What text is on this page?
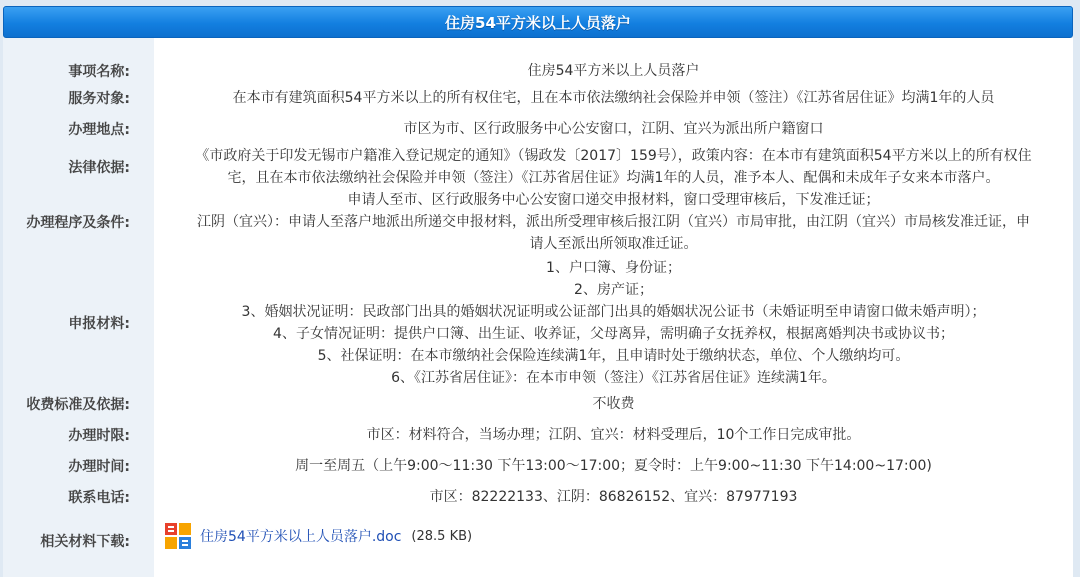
住房54平方米以上人员落户
事项名称:	住房54平方米以上人员落户
服务对象:	在本市有建筑面积54平方米以上的所有权住宅，且在本市依法缴纳社会保险并申领（签注）《江苏省居住证》均满1年的人员
办理地点:	市区为市、区行政服务中心公安窗口，江阴、宜兴为派出所户籍窗口
法律依据:
《市政府关于印发无锡市户籍准入登记规定的通知》（锡政发〔2017〕159号），政策内容：在本市有建筑面积54平方米以上的所有权住
宅，且在本市依法缴纳社会保险并申领（签注）《江苏省居住证》均满1年的人员，准予本人、配偶和未成年子女来本市落户。
办理程序及条件:
申请人至市、区行政服务中心公安窗口递交申报材料，窗口受理审核后，下发准迁证；
江阴（宜兴）：申请人至落户地派出所递交申报材料，派出所受理审核后报江阴（宜兴）市局审批，由江阴（宜兴）市局核发准迁证，申
请人至派出所领取准迁证。
申报材料:
1、户口簿、身份证；
2、房产证；
3、婚姻状况证明：民政部门出具的婚姻状况证明或公证部门出具的婚姻状况公证书（未婚证明至申请窗口做未婚声明）；
4、子女情况证明：提供户口簿、出生证、收养证，父母离异，需明确子女抚养权，根据离婚判决书或协议书；
5、社保证明：在本市缴纳社会保险连续满1年，且申请时处于缴纳状态，单位、个人缴纳均可。
6、《江苏省居住证》：在本市申领（签注）《江苏省居住证》连续满1年。
收费标准及依据:	不收费
办理时限:	市区：材料符合，当场办理；江阴、宜兴：材料受理后，10个工作日完成审批。
办理时间:	周一至周五（上午9:00～11:30 下午13:00～17:00；夏令时：上午9:00~11:30 下午14:00~17:00)
联系电话:	市区：82222133、江阴：86826152、宜兴：87977193
相关材料下载:	住房54平方米以上人员落户.doc (28.5 KB)
